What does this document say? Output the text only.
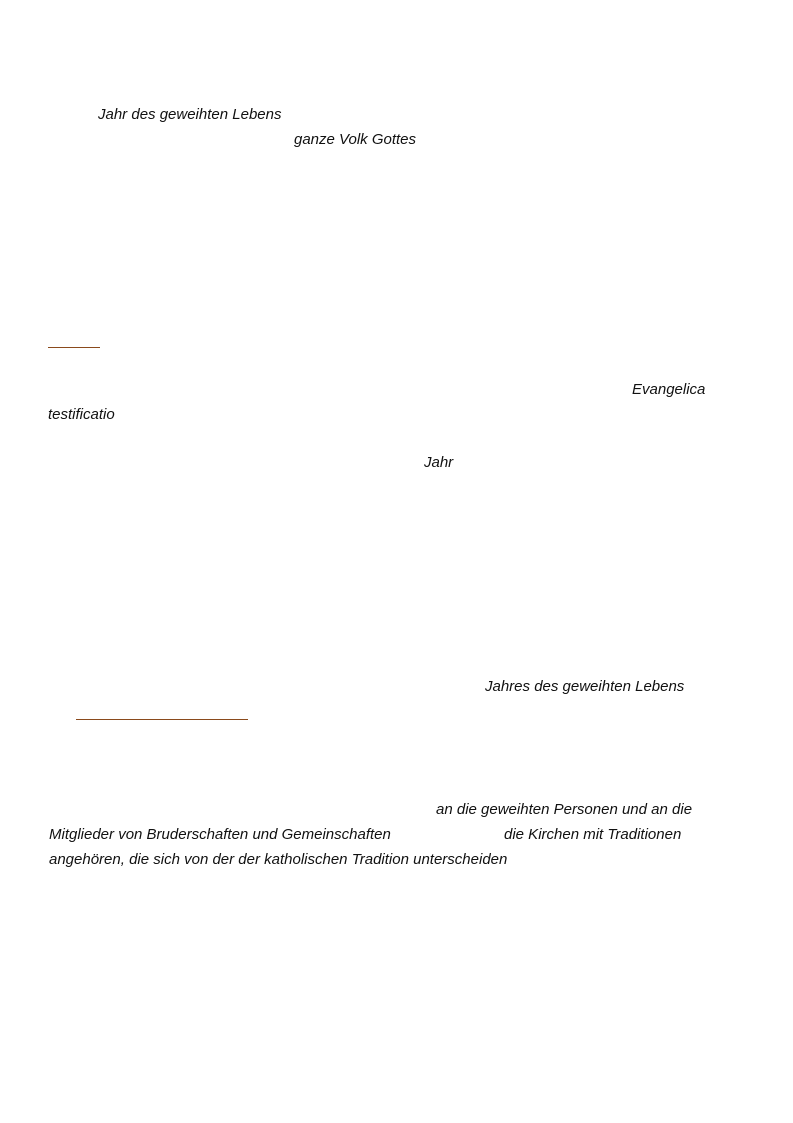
Jahr des geweihten Lebens
ganze Volk Gottes
Evangelica
testificatio
Jahr
Jahres des geweihten Lebens
an die geweihten Personen und an die
Mitglieder von Bruderschaften und Gemeinschaften	die Kirchen mit Traditionen
angehören, die sich von der der katholischen Tradition unterscheiden
